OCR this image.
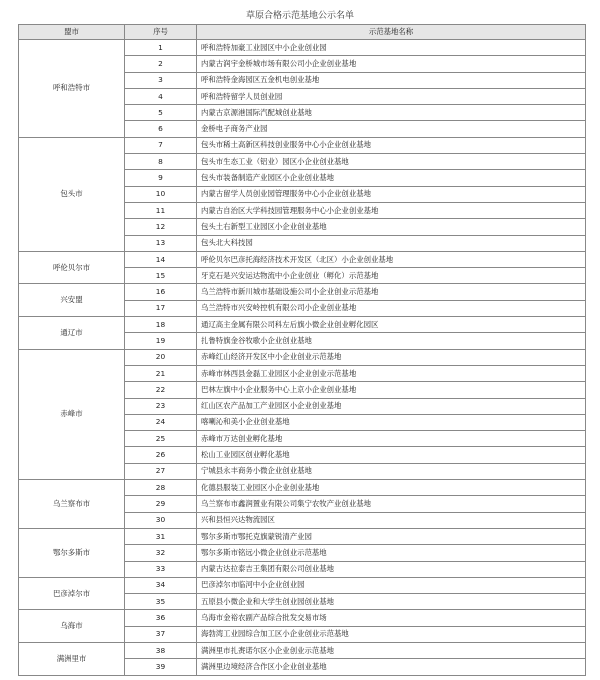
草原合格示范基地公示名单
盟市	序号	示范基地名称
呼和浩特市	1	呼和浩特加豪工业园区中小企业创业园
	2	内蒙古润宇金桥城市场有限公司小企业创业基地
	3	呼和浩特金海园区五金机电创业基地
	4	呼和浩特留学人员创业园
	5	内蒙古京源港国际汽配城创业基地
	6	金桥电子商务产业园
包头市	7	包头市稀土高新区科技创业服务中心小企业创业基地
	8	包头市生态工业（铝业）园区小企业创业基地
	9	包头市装备制造产业园区小企业创业基地
	10	内蒙古留学人员创业园管理服务中心小企业创业基地
	11	内蒙古自治区大学科技园管理服务中心小企业创业基地
	12	包头土右新型工业园区小企业创业基地
	13	包头北大科技园
呼伦贝尔市	14	呼伦贝尔巴彦托海经济技术开发区（北区）小企业创业基地
	15	牙克石是兴安运达物流中小企业创业（孵化）示范基地
兴安盟	16	乌兰浩特市新川城市基础设施公司小企业创业示范基地
	17	乌兰浩特市兴安岭控机有限公司小企业创业基地
通辽市	18	通辽高主金属有限公司科左后旗小微企业创业孵化园区
	19	扎鲁特旗金谷牧歌小企业创业基地
赤峰市	20	赤峰红山经济开发区中小企业创业示范基地
	21	赤峰市林西县金磊工业园区小企业创业示范基地
	22	巴林左旗中小企业服务中心上京小企业创业基地
	23	红山区农产品加工产业园区小企业创业基地
	24	喀喇沁和美小企业创业基地
	25	赤峰市万达创业孵化基地
	26	松山工业园区创业孵化基地
	27	宁城县永丰商务小微企业创业基地
乌兰察布市	28	化德县服装工业园区小企业创业基地
	29	乌兰察布市鑫润置业有限公司集宁农牧产业创业基地
	30	兴和县恒兴达物流园区
鄂尔多斯市	31	鄂尔多斯市鄂托克旗蒙锐清产业园
	32	鄂尔多斯市铭远小微企业创业示范基地
	33	内蒙古达拉泰吉王集团有限公司创业基地
巴彦淖尔市	34	巴彦淖尔市临河中小企业创业园
	35	五原县小微企业和大学生创业园创业基地
乌海市	36	乌海市金裕农副产品综合批发交易市场
	37	海勃湾工业园综合加工区小企业创业示范基地
满洲里市	38	满洲里市扎赉诺尔区小企业创业示范基地
	39	满洲里边境经济合作区小企业创业基地
